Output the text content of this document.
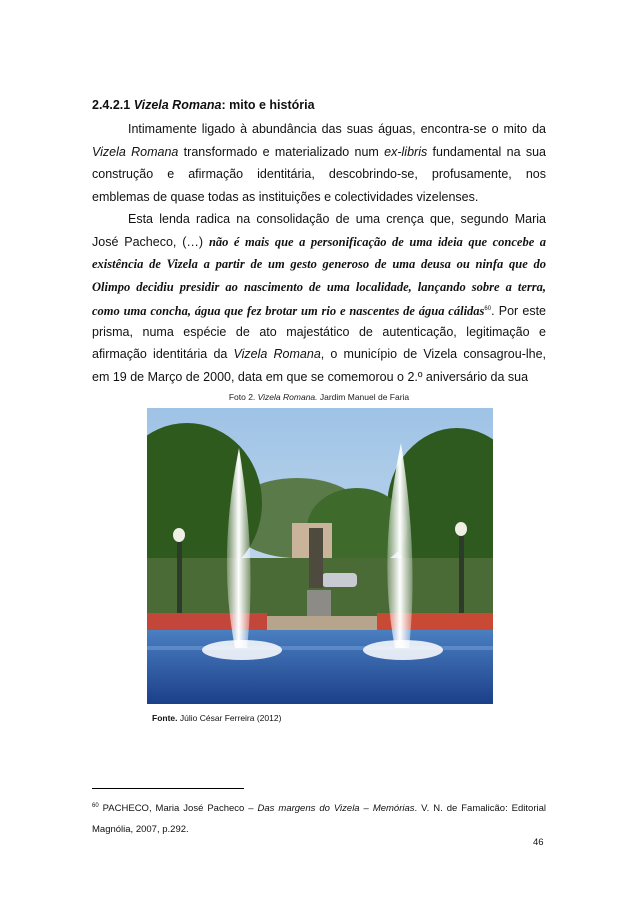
2.4.2.1 Vizela Romana: mito e história
Intimamente ligado à abundância das suas águas, encontra-se o mito da
Vizela Romana transformado e materializado num ex-libris fundamental na sua
construção e afirmação identitária, descobrindo-se, profusamente, nos
emblemas de quase todas as instituições e colectividades vizelenses.
Esta lenda radica na consolidação de uma crença que, segundo Maria
José Pacheco, (…) não é mais que a personificação de uma ideia que concebe a
existência de Vizela a partir de um gesto generoso de uma deusa ou ninfa que do
Olimpo decidiu presidir ao nascimento de uma localidade, lançando sobre a terra,
como uma concha, água que fez brotar um rio e nascentes de água cálidas$^{60}$. Por este
prisma, numa espécie de ato majestático de autenticação, legitimação e
afirmação identitária da Vizela Romana, o município de Vizela consagrou-lhe,
em 19 de Março de 2000, data em que se comemorou o 2.º aniversário da sua
Foto 2. Vizela Romana. Jardim Manuel de Faria
Fonte. Júlio César Ferreira (2012)
$^{60}$ PACHECO, Maria José Pacheco – Das margens do Vizela – Memórias. V. N. de Famalicão: Editorial
Magnólia, 2007, p.292.
46
